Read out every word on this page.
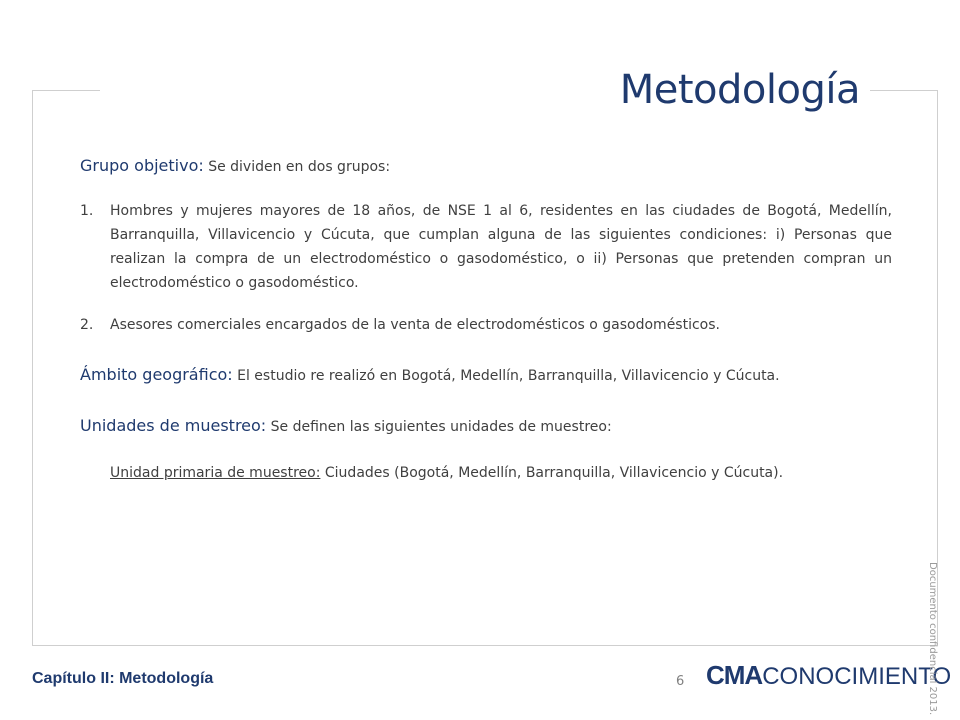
Metodología

Grupo objetivo: Se dividen en dos grupos:

1. Hombres y mujeres mayores de 18 años, de NSE 1 al 6, residentes en las ciudades de Bogotá, Medellín, Barranquilla, Villavicencio y Cúcuta, que cumplan alguna de las siguientes condiciones: i) Personas que realizan la compra de un electrodoméstico o gasodoméstico, o ii) Personas que pretenden compran un electrodoméstico o gasodoméstico.
2. Asesores comerciales encargados de la venta de electrodomésticos o gasodomésticos.

Ámbito geográfico: El estudio re realizó en Bogotá, Medellín, Barranquilla, Villavicencio y Cúcuta.

Unidades de muestreo: Se definen las siguientes unidades de muestreo:

Unidad primaria de muestreo: Ciudades (Bogotá, Medellín, Barranquilla, Villavicencio y Cúcuta).

Capítulo II: Metodología	6 CMACONOCIMIENTO
Documento confidencial 2013.
